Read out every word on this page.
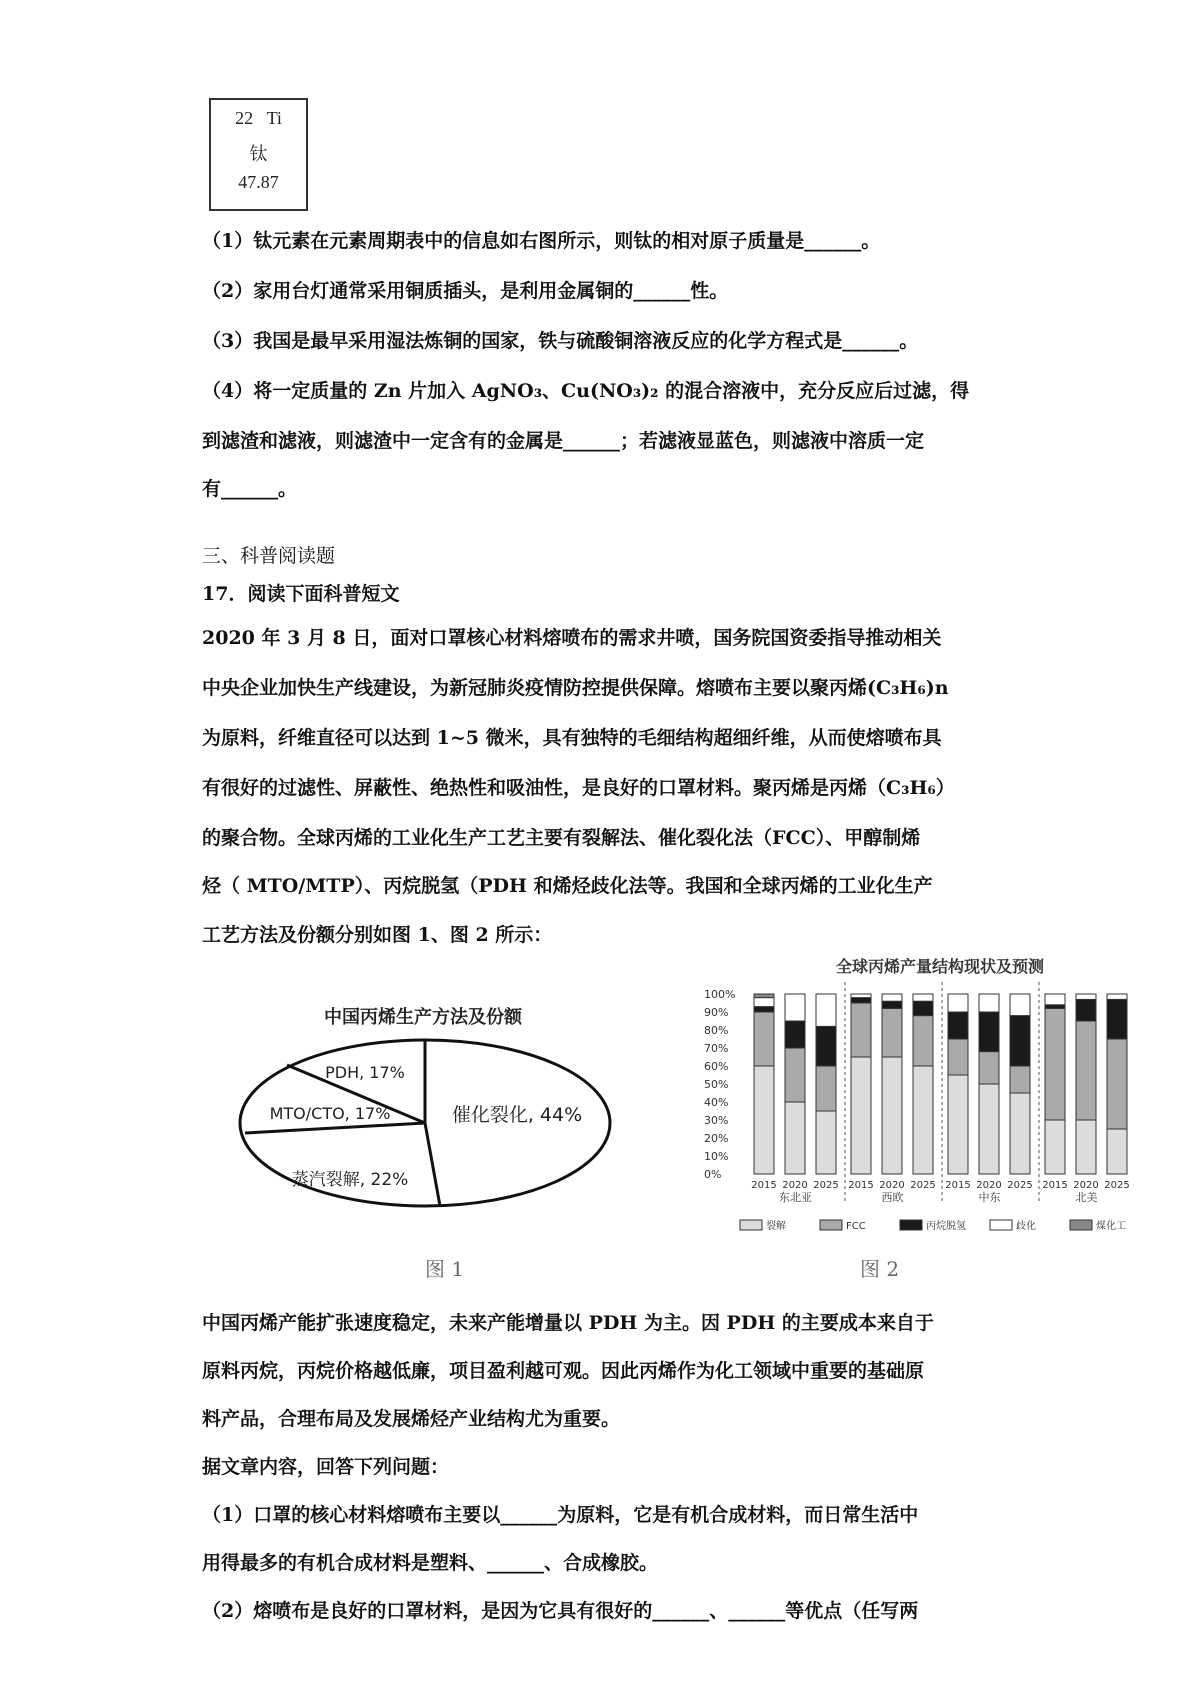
22 Ti
钛
47.87
（1）钛元素在元素周期表中的信息如右图所示，则钛的相对原子质量是______。
（2）家用台灯通常采用铜质插头，是利用金属铜的______性。
（3）我国是最早采用湿法炼铜的国家，铁与硫酸铜溶液反应的化学方程式是______。
（4）将一定质量的 Zn 片加入 AgNO₃、Cu(NO₃)₂ 的混合溶液中，充分反应后过滤，得
到滤渣和滤液，则滤渣中一定含有的金属是______；若滤液显蓝色，则滤液中溶质一定
有______。
三、科普阅读题
17．阅读下面科普短文
2020 年 3 月 8 日，面对口罩核心材料熔喷布的需求井喷，国务院国资委指导推动相关
中央企业加快生产线建设，为新冠肺炎疫情防控提供保障。熔喷布主要以聚丙烯(C₃H₆)n
为原料，纤维直径可以达到 1~5 微米，具有独特的毛细结构超细纤维，从而使熔喷布具
有很好的过滤性、屏蔽性、绝热性和吸油性，是良好的口罩材料。聚丙烯是丙烯（C₃H₆）
的聚合物。全球丙烯的工业化生产工艺主要有裂解法、催化裂化法（FCC）、甲醇制烯
烃（ MTO/MTP）、丙烷脱氢（PDH 和烯烃歧化法等。我国和全球丙烯的工业化生产
工艺方法及份额分别如图 1、图 2 所示：
中国丙烯生产方法及份额
催化裂化, 44%
蒸汽裂解, 22%
MTO/CTO, 17%
PDH, 17%
图 1
全球丙烯产量结构现状及预测
0%
10%
20%
30%
40%
50%
60%
70%
80%
90%
100%
2015 2020 2025 2015 2020 2025 2015 2020 2025 2015 2020 2025
东北亚	西欧	中东	北美
裂解	FCC	丙烷脱氢	歧化	煤化工
图 2
中国丙烯产能扩张速度稳定，未来产能增量以 PDH 为主。因 PDH 的主要成本来自于
原料丙烷，丙烷价格越低廉，项目盈利越可观。因此丙烯作为化工领域中重要的基础原
料产品，合理布局及发展烯烃产业结构尤为重要。
据文章内容，回答下列问题：
（1）口罩的核心材料熔喷布主要以______为原料，它是有机合成材料，而日常生活中
用得最多的有机合成材料是塑料、______、合成橡胶。
（2）熔喷布是良好的口罩材料，是因为它具有很好的______、______等优点（任写两
